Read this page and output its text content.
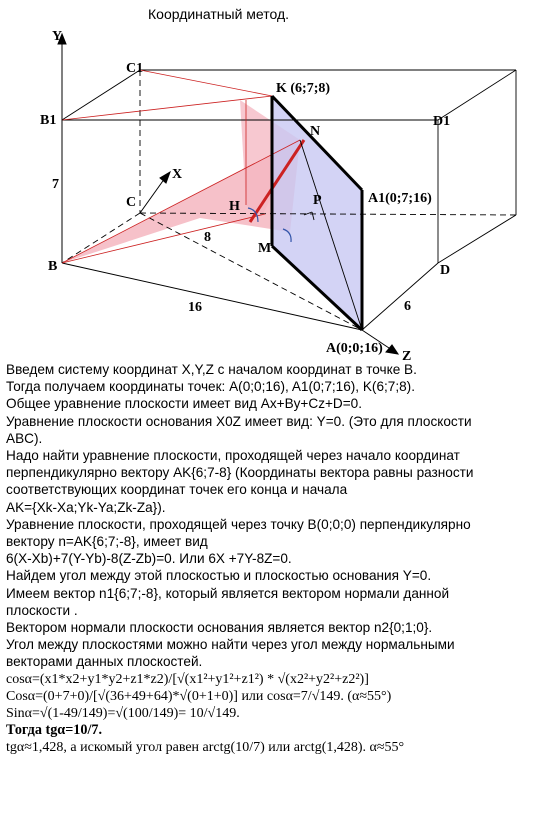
Координатный метод.
Y
X
Z
C1
B1	D1
K (6;7;8)
N
P	A1(0;7;16)
H
M
C
B	D
A(0;0;16)
7
8
16	6

Введем систему координат X,Y,Z с началом координат в точке B.

Тогда получаем координаты точек: A(0;0;16), A1(0;7;16), K(6;7;8).

Общее уравнение плоскости имеет вид Ax+By+Cz+D=0.

Уравнение плоскости основания X0Z имеет вид: Y=0. (Это для плоскости

ABC).

Надо найти уравнение плоскости, проходящей через начало координат

перпендикулярно вектору AK{6;7-8} (Координаты вектора равны разности

соответствующих координат точек его конца и начала

AK={Xk-Xa;Yk-Ya;Zk-Za}).

Уравнение плоскости, проходящей через точку B(0;0;0) перпендикулярно

вектору n=AK{6;7;-8}, имеет вид

6(X-Xb)+7(Y-Yb)-8(Z-Zb)=0. Или 6X +7Y-8Z=0.

Найдем угол между этой плоскостью и плоскостью основания Y=0.

Имеем вектор n1{6;7;-8}, который является вектором нормали данной

плоскости .

Вектором нормали плоскости основания является вектор n2{0;1;0}.

Угол между плоскостями можно найти через угол между нормальными

векторами данных плоскостей.

cosα=(x1*x2+y1*y2+z1*z2)/[√(x1²+y1²+z1²) * √(x2²+y2²+z2²)]

Cosα=(0+7+0)/[√(36+49+64)*√(0+1+0)] или cosα=7/√149. (α≈55°)

Sinα=√(1-49/149)=√(100/149)= 10/√149.

Тогда tgα=10/7.

tgα≈1,428, а искомый угол равен arctg(10/7) или arctg(1,428). α≈55°
